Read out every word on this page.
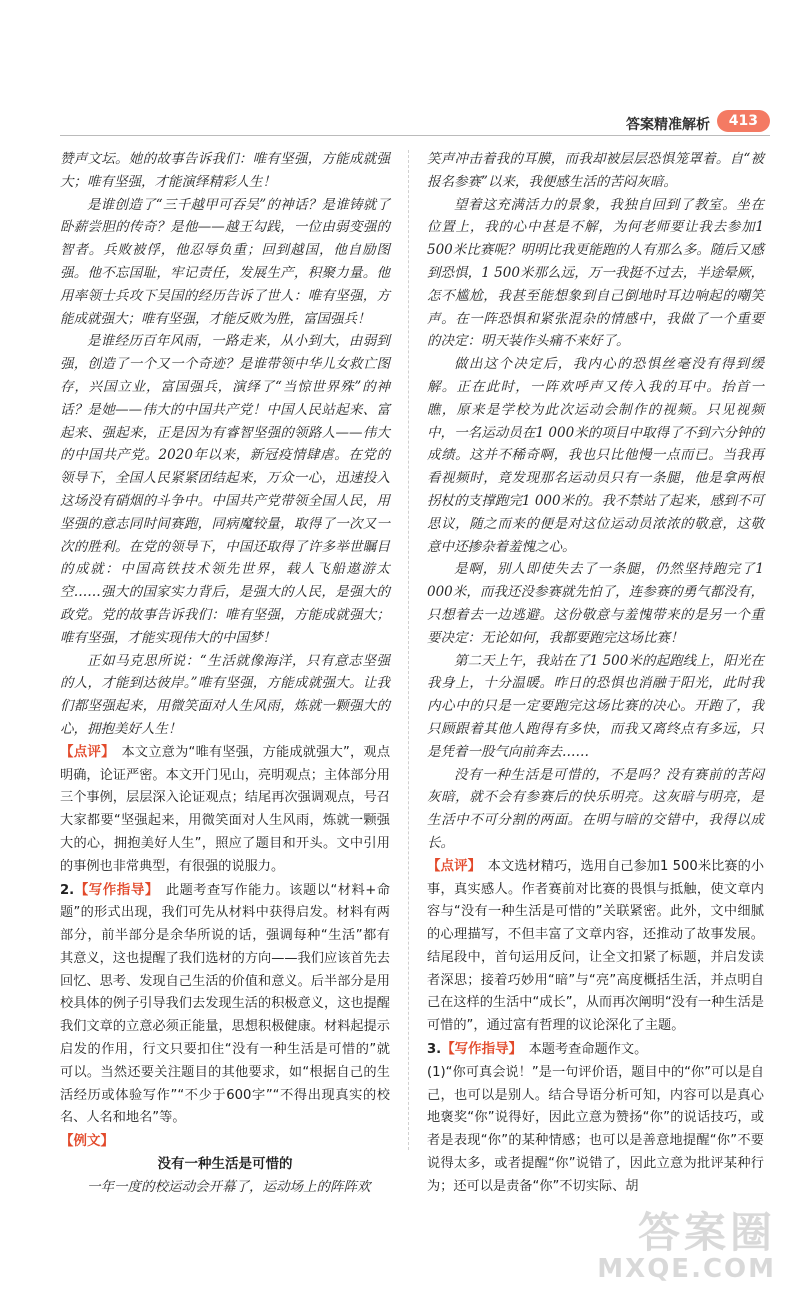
答案精准解析	413

赞声文坛。她的故事告诉我们：唯有坚强，方能成就强大；唯有坚强，才能演绎精彩人生！

是谁创造了“三千越甲可吞吴”的神话？是谁铸就了卧薪尝胆的传奇？是他——越王勾践，一位由弱变强的智者。兵败被俘，他忍辱负重；回到越国，他自励图强。他不忘国耻，牢记责任，发展生产，积聚力量。他用率领士兵攻下吴国的经历告诉了世人：唯有坚强，方能成就强大；唯有坚强，才能反败为胜，富国强兵！

是谁经历百年风雨，一路走来，从小到大，由弱到强，创造了一个又一个奇迹？是谁带领中华儿女救亡图存，兴国立业，富国强兵，演绎了“当惊世界殊”的神话？是她——伟大的中国共产党！中国人民站起来、富起来、强起来，正是因为有睿智坚强的领路人——伟大的中国共产党。2020年以来，新冠疫情肆虐。在党的领导下，全国人民紧紧团结起来，万众一心，迅速投入这场没有硝烟的斗争中。中国共产党带领全国人民，用坚强的意志同时间赛跑，同病魔较量，取得了一次又一次的胜利。在党的领导下，中国还取得了许多举世瞩目的成就：中国高铁技术领先世界，载人飞船遨游太空……强大的国家实力背后，是强大的人民，是强大的政党。党的故事告诉我们：唯有坚强，方能成就强大；唯有坚强，才能实现伟大的中国梦！

正如马克思所说：“生活就像海洋，只有意志坚强的人，才能到达彼岸。”唯有坚强，方能成就强大。让我们都坚强起来，用微笑面对人生风雨，炼就一颗强大的心，拥抱美好人生！

【点评】　 本文立意为“唯有坚强，方能成就强大”，观点明确，论证严密。本文开门见山，亮明观点；主体部分用三个事例，层层深入论证观点；结尾再次强调观点，号召大家都要“坚强起来，用微笑面对人生风雨，炼就一颗强大的心，拥抱美好人生”，照应了题目和开头。文中引用的事例也非常典型，有很强的说服力。

2.【写作指导】　 此题考查写作能力。该题以“材料+命题”的形式出现，我们可先从材料中获得启发。材料有两部分，前半部分是余华所说的话，强调每种“生活”都有其意义，这也提醒了我们选材的方向——我们应该首先去回忆、思考、发现自己生活的价值和意义。后半部分是用校具体的例子引导我们去发现生活的积极意义，这也提醒我们文章的立意必须正能量，思想积极健康。材料起提示启发的作用，行文只要扣住“没有一种生活是可惜的”就可以。当然还要关注题目的其他要求，如“根据自己的生活经历或体验写作”“不少于600字”“不得出现真实的校名、人名和地名”等。

【例文】

没有一种生活是可惜的

一年一度的校运动会开幕了，运动场上的阵阵欢

笑声冲击着我的耳膜，而我却被层层恐惧笼罩着。自“被报名参赛”以来，我便感生活的苦闷灰暗。

望着这充满活力的景象，我独自回到了教室。坐在位置上，我的心中甚是不解，为何老师要让我去参加1 500米比赛呢？明明比我更能跑的人有那么多。随后又感到恐惧，1 500米那么远，万一我挺不过去，半途晕厥，怎不尴尬，我甚至能想象到自己倒地时耳边响起的嘲笑声。在一阵恐惧和紧张混杂的情感中，我做了一个重要的决定：明天装作头痛不来好了。

做出这个决定后，我内心的恐惧丝毫没有得到缓解。正在此时，一阵欢呼声又传入我的耳中。抬首一瞧，原来是学校为此次运动会制作的视频。只见视频中，一名运动员在1 000米的项目中取得了不到六分钟的成绩。这并不稀奇啊，我也只比他慢一点而已。当我再看视频时，竟发现那名运动员只有一条腿，他是拿两根拐杖的支撑跑完1 000米的。我不禁站了起来，感到不可思议，随之而来的便是对这位运动员浓浓的敬意，这敬意中还掺杂着羞愧之心。

是啊，别人即使失去了一条腿，仍然坚持跑完了1 000米，而我还没参赛就先怕了，连参赛的勇气都没有，只想着去一边逃避。这份敬意与羞愧带来的是另一个重要决定：无论如何，我都要跑完这场比赛！

第二天上午，我站在了1 500米的起跑线上，阳光在我身上，十分温暖。昨日的恐惧也消融于阳光，此时我内心中的只是一定要跑完这场比赛的决心。开跑了，我只顾跟着其他人跑得有多快，而我又离终点有多远，只是凭着一股气向前奔去……

没有一种生活是可惜的，不是吗？没有赛前的苦闷灰暗，就不会有参赛后的快乐明亮。这灰暗与明亮，是生活中不可分割的两面。在明与暗的交错中，我得以成长。

【点评】　 本文选材精巧，选用自己参加1 500米比赛的小事，真实感人。作者赛前对比赛的畏惧与抵触，使文章内容与“没有一种生活是可惜的”关联紧密。此外，文中细腻的心理描写，不但丰富了文章内容，还推动了故事发展。结尾段中，首句运用反问，让全文扣紧了标题，并启发读者深思；接着巧妙用“暗”与“亮”高度概括生活，并点明自己在这样的生活中“成长”，从而再次阐明“没有一种生活是可惜的”，通过富有哲理的议论深化了主题。

3.【写作指导】　 本题考查命题作文。

(1)“你可真会说！”是一句评价语，题目中的“你”可以是自己，也可以是别人。结合导语分析可知，内容可以是真心地褒奖“你”说得好，因此立意为赞扬“你”的说话技巧，或者是表现“你”的某种情感；也可以是善意地提醒“你”不要说得太多，或者提醒“你”说错了，因此立意为批评某种行为；还可以是责备“你”不切实际、胡

答案圈
MXQE.COM
